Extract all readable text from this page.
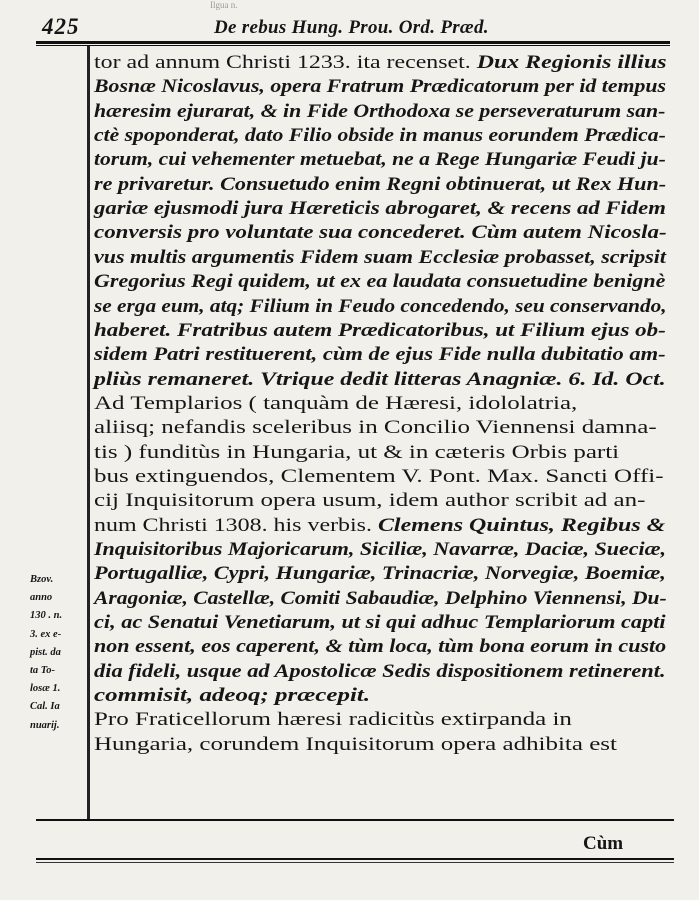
Ilgua n.
425	De rebus Hung. Prou. Ord. Præd.
tor ad annum Christi 1233. ita recenset. Dux Regionis illius
Bosnæ Nicoslavus, opera Fratrum Prædicatorum per id tempus
hæresim ejurarat, & in Fide Orthodoxa se perseveraturum san-
ctè spoponderat, dato Filio obside in manus eorundem Prædica-
torum, cui vehementer metuebat, ne a Rege Hungariæ Feudi ju-
re privaretur. Consuetudo enim Regni obtinuerat, ut Rex Hun-
gariæ ejusmodi jura Hæreticis abrogaret, & recens ad Fidem
conversis pro voluntate sua concederet. Cùm autem Nicosla-
vus multis argumentis Fidem suam Ecclesiæ probasset, scripsit
Gregorius Regi quidem, ut ex ea laudata consuetudine benignè
se erga eum, atq; Filium in Feudo concedendo, seu conservando,
haberet. Fratribus autem Prædicatoribus, ut Filium ejus ob-
sidem Patri restituerent, cùm de ejus Fide nulla dubitatio am-
pliùs remaneret. Vtrique dedit litteras Anagniæ. 6. Id. Oct.
Ad Templarios ( tanquàm de Hæresi, idololatria,
aliisq; nefandis sceleribus in Concilio Viennensi damna-
tis ) funditùs in Hungaria, ut & in cæteris Orbis parti
bus extinguendos, Clementem V. Pont. Max. Sancti Offi-
cij Inquisitorum opera usum, idem author scribit ad an-
num Christi 1308. his verbis. Clemens Quintus, Regibus &
Inquisitoribus Majoricarum, Siciliæ, Navarræ, Daciæ, Sueciæ,
Portugalliæ, Cypri, Hungariæ, Trinacriæ, Norvegiæ, Boemiæ,
Aragoniæ, Castellæ, Comiti Sabaudiæ, Delphino Viennensi, Du-
ci, ac Senatui Venetiarum, ut si qui adhuc Templariorum capti
non essent, eos caperent, & tùm loca, tùm bona eorum in custo
dia fideli, usque ad Apostolicæ Sedis dispositionem retinerent.
commisit, adeoq; præcepit.
Pro Fraticellorum hæresi radicitùs extirpanda in
Hungaria, corundem Inquisitorum opera adhibita est
Bzov.
anno
130 . n.
3. ex e-
pist. da
ta To-
losæ 1.
Cal. Ia
nuarij.
Cùm
